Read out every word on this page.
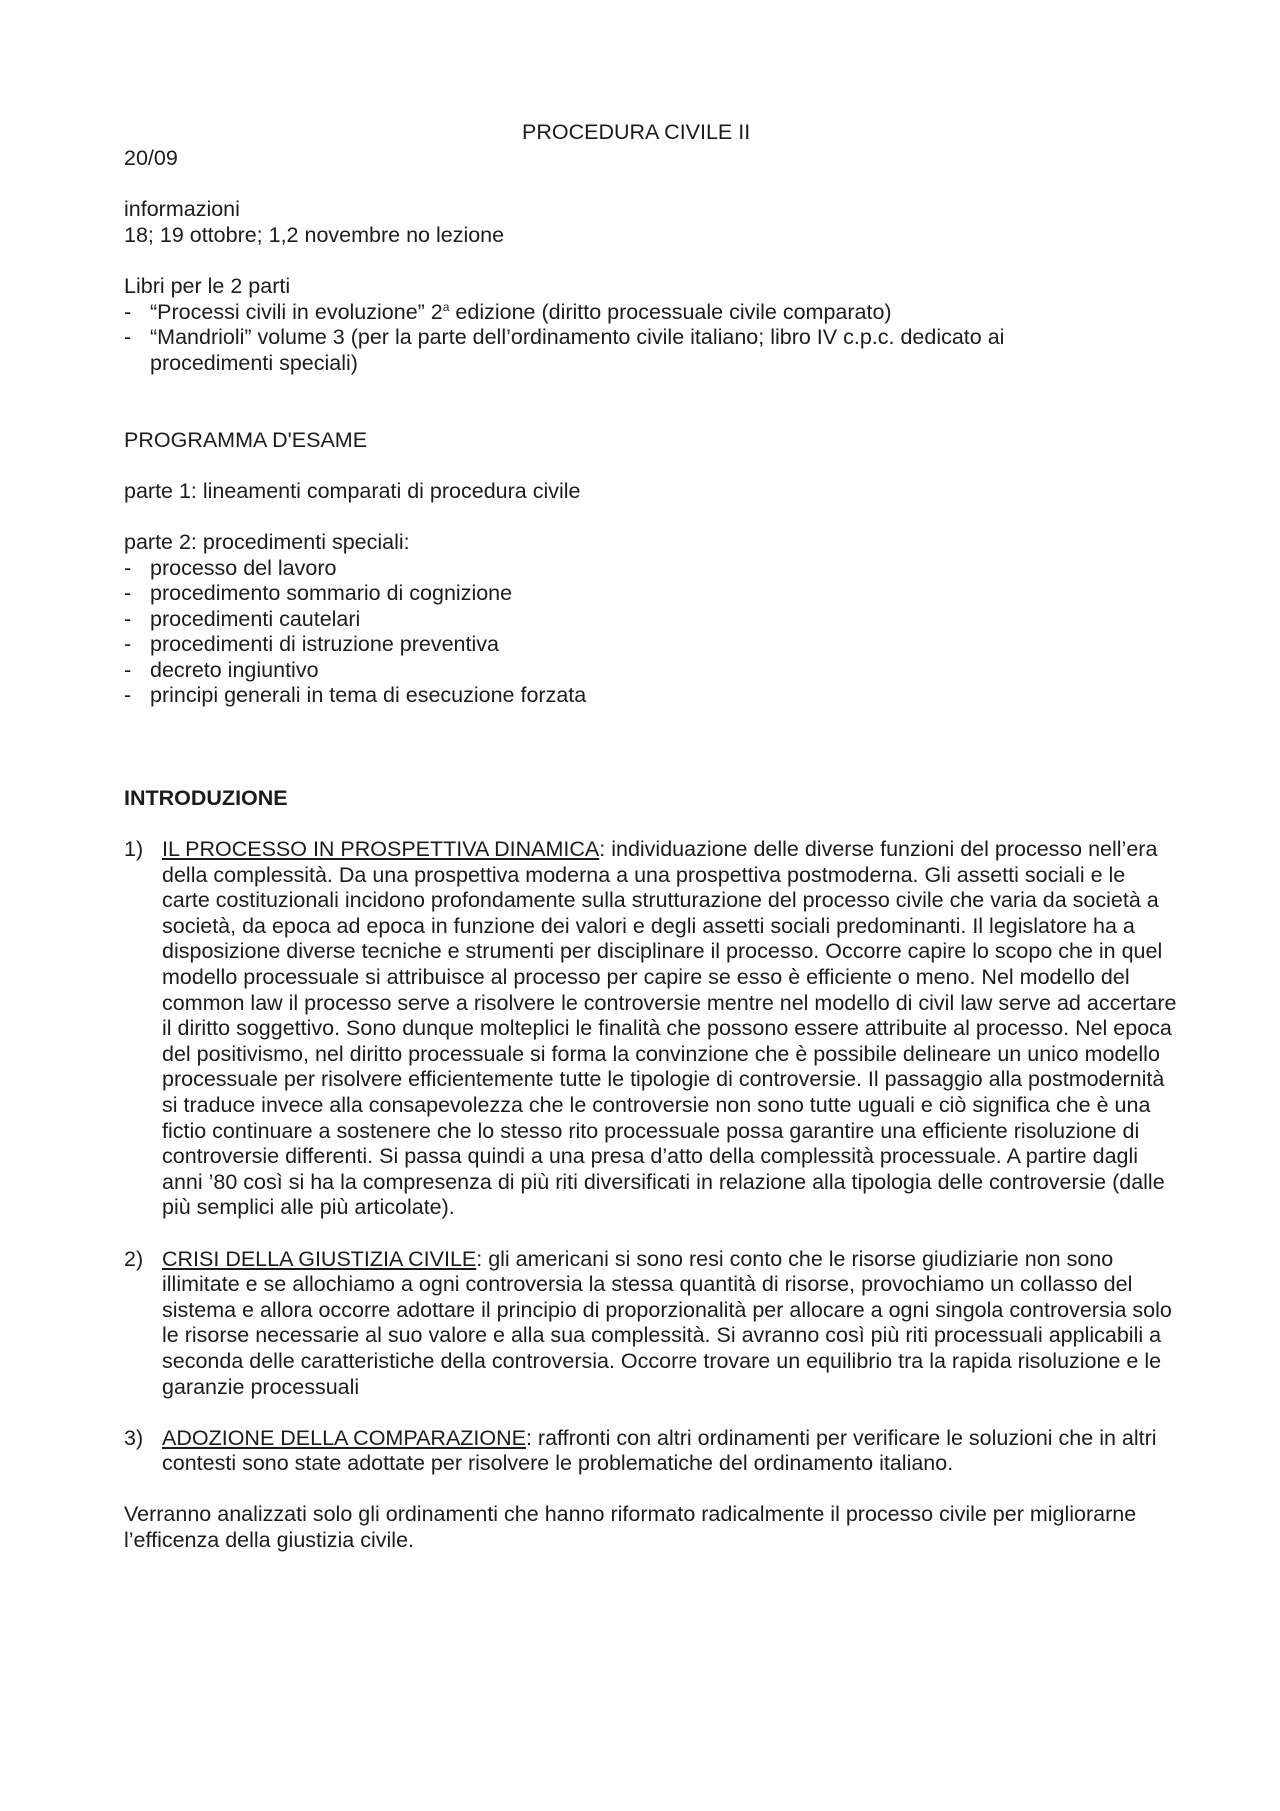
PROCEDURA CIVILE II
20/09
informazioni
18; 19 ottobre; 1,2 novembre no lezione
Libri per le 2 parti
- “Processi civili in evoluzione” 2$^a$ edizione (diritto processuale civile comparato)
- “Mandrioli” volume 3 (per la parte dell’ordinamento civile italiano; libro IV c.p.c. dedicato ai procedimenti speciali)
PROGRAMMA D'ESAME
parte 1: lineamenti comparati di procedura civile
parte 2: procedimenti speciali:
- processo del lavoro
- procedimento sommario di cognizione
- procedimenti cautelari
- procedimenti di istruzione preventiva
- decreto ingiuntivo
- principi generali in tema di esecuzione forzata
INTRODUZIONE
1) IL PROCESSO IN PROSPETTIVA DINAMICA: individuazione delle diverse funzioni del processo nell’era della complessità. Da una prospettiva moderna a una prospettiva postmoderna. Gli assetti sociali e le carte costituzionali incidono profondamente sulla strutturazione del processo civile che varia da società a società, da epoca ad epoca in funzione dei valori e degli assetti sociali predominanti. Il legislatore ha a disposizione diverse tecniche e strumenti per disciplinare il processo. Occorre capire lo scopo che in quel modello processuale si attribuisce al processo per capire se esso è efficiente o meno. Nel modello del common law il processo serve a risolvere le controversie mentre nel modello di civil law serve ad accertare il diritto soggettivo. Sono dunque molteplici le finalità che possono essere attribuite al processo. Nel epoca del positivismo, nel diritto processuale si forma la convinzione che è possibile delineare un unico modello processuale per risolvere efficientemente tutte le tipologie di controversie. Il passaggio alla postmodernità si traduce invece alla consapevolezza che le controversie non sono tutte uguali e ciò significa che è una fictio continuare a sostenere che lo stesso rito processuale possa garantire una efficiente risoluzione di controversie differenti. Si passa quindi a una presa d’atto della complessità processuale. A partire dagli anni ’80 così si ha la compresenza di più riti diversificati in relazione alla tipologia delle controversie (dalle più semplici alle più articolate).
2) CRISI DELLA GIUSTIZIA CIVILE: gli americani si sono resi conto che le risorse giudiziarie non sono illimitate e se allochiamo a ogni controversia la stessa quantità di risorse, provochiamo un collasso del sistema e allora occorre adottare il principio di proporzionalità per allocare a ogni singola controversia solo le risorse necessarie al suo valore e alla sua complessità. Si avranno così più riti processuali applicabili a seconda delle caratteristiche della controversia. Occorre trovare un equilibrio tra la rapida risoluzione e le garanzie processuali
3) ADOZIONE DELLA COMPARAZIONE: raffronti con altri ordinamenti per verificare le soluzioni che in altri contesti sono state adottate per risolvere le problematiche del ordinamento italiano.
Verranno analizzati solo gli ordinamenti che hanno riformato radicalmente il processo civile per migliorarne l’efficenza della giustizia civile.
